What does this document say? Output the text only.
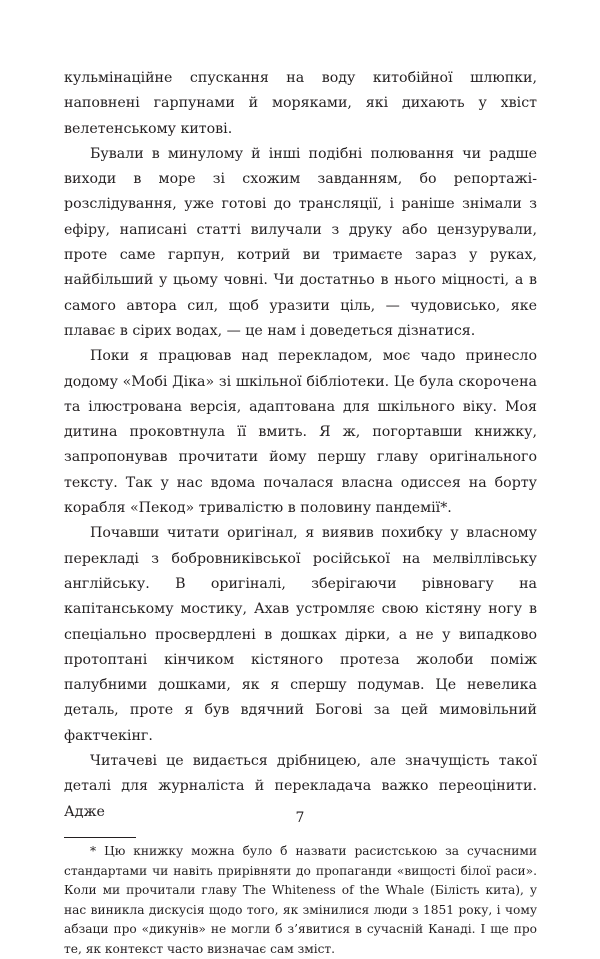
кульмінаційне спускання на воду китобійної шлюпки, наповнені гарпунами й моряками, які дихають у хвіст велетенському китові.

Бували в минулому й інші подібні полювання чи радше виходи в море зі схожим завданням, бо репортажі-розслідування, уже готові до трансляції, і раніше знімали з ефіру, написані статті вилучали з друку або цензурували, проте саме гарпун, котрий ви тримаєте зараз у руках, найбільший у цьому човні. Чи достатньо в нього міцності, а в самого автора сил, щоб уразити ціль, — чудовисько, яке плаває в сірих водах, — це нам і доведеться дізнатися.

Поки я працював над перекладом, моє чадо принесло додому «Мобі Діка» зі шкільної бібліотеки. Це була скорочена та ілюстрована версія, адаптована для шкільного віку. Моя дитина проковтнула її вмить. Я ж, погортавши книжку, запропонував прочитати йому першу главу оригінального тексту. Так у нас вдома почалася власна одиссея на борту корабля «Пекод» тривалістю в половину пандемії*.

Почавши читати оригінал, я виявив похибку у власному перекладі з бобровниківської російської на мелвіллівську англійську. В оригіналі, зберігаючи рівновагу на капітанському мостику, Ахав устромляє свою кістяну ногу в спеціально просвердлені в дошках дірки, а не у випадково протоптані кінчиком кістяного протеза жолоби поміж палубними дошками, як я спершу подумав. Це невелика деталь, проте я був вдячний Богові за цей мимовільний фактчекінг.

Читачеві це видається дрібницею, але значущість такої деталі для журналіста й перекладача важко переоцінити. Адже

* Цю книжку можна було б назвати расистською за сучасними стандартами чи навіть прирівняти до пропаганди «вищості білої раси». Коли ми прочитали главу The Whiteness of the Whale (Білість кита), у нас виникла дискусія щодо того, як змінилися люди з 1851 року, і чому абзаци про «дикунів» не могли б з’явитися в сучасній Канаді. І ще про те, як контекст часто визначає сам зміст.

7
